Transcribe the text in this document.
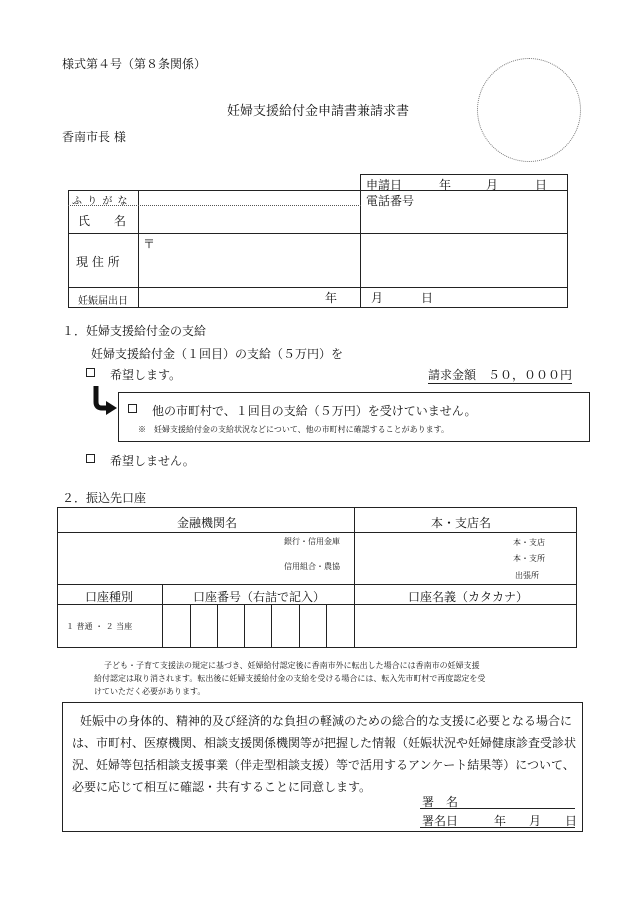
様式第４号（第８条関係）
妊婦支援給付金申請書兼請求書
香南市長 様
申請日	年	月	日
電話番号
ふ り が な
氏　　名
現 住 所
〒
妊娠届出日	年	月	日
１．妊婦支援給付金の支給
妊婦支援給付金（１回目）の支給（５万円）を
希望します。	請求金額　５０，０００円
他の市町村で、１回目の支給（５万円）を受けていません。
※　妊婦支援給付金の支給状況などについて、他の市町村に確認することがあります。
希望しません。
２．振込先口座
金融機関名	本・支店名
銀行・信用金庫
信用組合・農協
本・支店
本・支所
出張所
口座種別	口座番号（右詰で記入）	口座名義（カタカナ）
１ 普通 ・ ２ 当座
子ども・子育て支援法の規定に基づき、妊婦給付認定後に香南市外に転出した場合には香南市の妊婦支援
給付認定は取り消されます。転出後に妊婦支援給付金の支給を受ける場合には、転入先市町村で再度認定を受
けていただく必要があります。
妊娠中の身体的、精神的及び経済的な負担の軽減のための総合的な支援に必要となる場合に
は、市町村、医療機関、相談支援関係機関等が把握した情報（妊娠状況や妊婦健康診査受診状
況、妊婦等包括相談支援事業（伴走型相談支援）等で活用するアンケート結果等）について、
必要に応じて相互に確認・共有することに同意します。
署　名
署名日	年 月 日
